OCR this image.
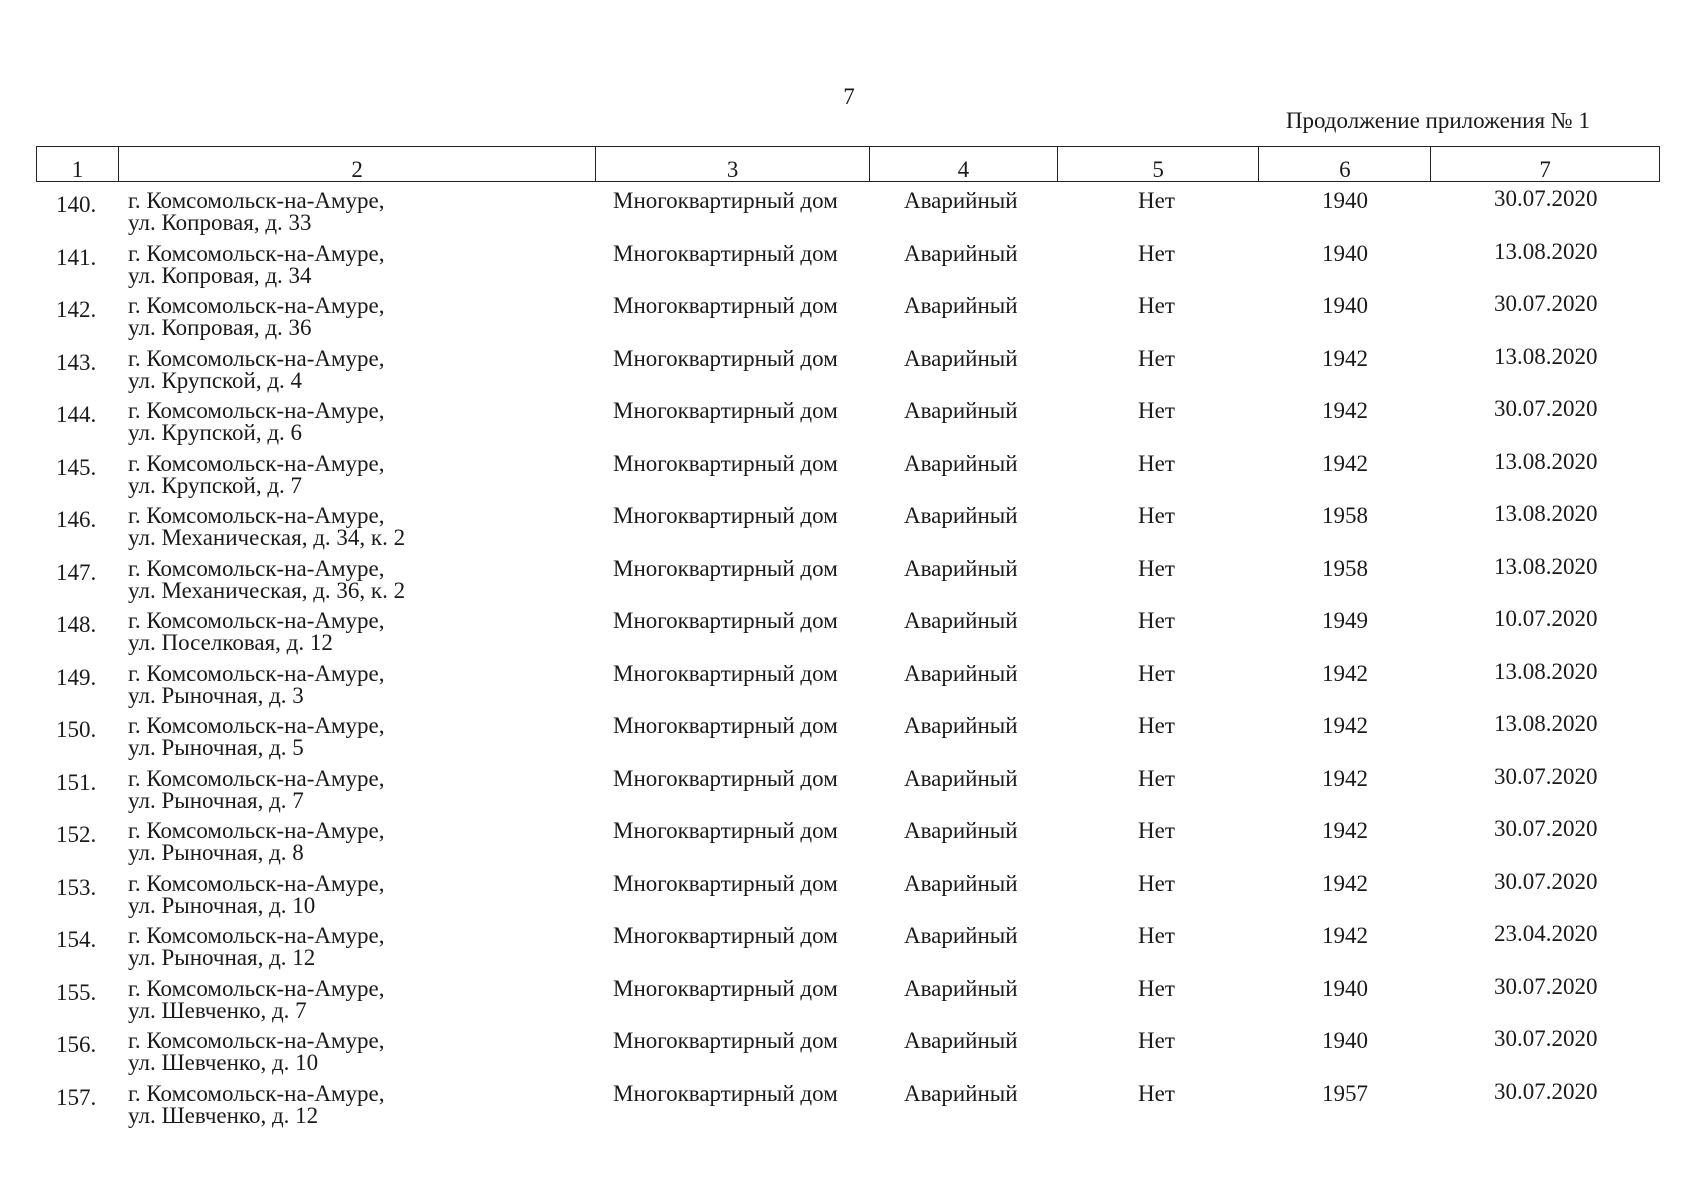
7
Продолжение приложения № 1
1	2	3	4	5	6	7
140. г. Комсомольск-на-Амуре,
ул. Копровая, д. 33
Многоквартирный дом	Аварийный	Нет	1940	30.07.2020
141. г. Комсомольск-на-Амуре,
ул. Копровая, д. 34
Многоквартирный дом	Аварийный	Нет	1940	13.08.2020
142. г. Комсомольск-на-Амуре,
ул. Копровая, д. 36
Многоквартирный дом	Аварийный	Нет	1940	30.07.2020
143. г. Комсомольск-на-Амуре,
ул. Крупской, д. 4
Многоквартирный дом	Аварийный	Нет	1942	13.08.2020
144. г. Комсомольск-на-Амуре,
ул. Крупской, д. 6
Многоквартирный дом	Аварийный	Нет	1942	30.07.2020
145. г. Комсомольск-на-Амуре,
ул. Крупской, д. 7
Многоквартирный дом	Аварийный	Нет	1942	13.08.2020
146. г. Комсомольск-на-Амуре,
ул. Механическая, д. 34, к. 2
Многоквартирный дом	Аварийный	Нет	1958	13.08.2020
147. г. Комсомольск-на-Амуре,
ул. Механическая, д. 36, к. 2
Многоквартирный дом	Аварийный	Нет	1958	13.08.2020
148. г. Комсомольск-на-Амуре,
ул. Поселковая, д. 12
Многоквартирный дом	Аварийный	Нет	1949	10.07.2020
149. г. Комсомольск-на-Амуре,
ул. Рыночная, д. 3
Многоквартирный дом	Аварийный	Нет	1942	13.08.2020
150. г. Комсомольск-на-Амуре,
ул. Рыночная, д. 5
Многоквартирный дом	Аварийный	Нет	1942	13.08.2020
151. г. Комсомольск-на-Амуре,
ул. Рыночная, д. 7
Многоквартирный дом	Аварийный	Нет	1942	30.07.2020
152. г. Комсомольск-на-Амуре,
ул. Рыночная, д. 8
Многоквартирный дом	Аварийный	Нет	1942	30.07.2020
153. г. Комсомольск-на-Амуре,
ул. Рыночная, д. 10
Многоквартирный дом	Аварийный	Нет	1942	30.07.2020
154. г. Комсомольск-на-Амуре,
ул. Рыночная, д. 12
Многоквартирный дом	Аварийный	Нет	1942	23.04.2020
155. г. Комсомольск-на-Амуре,
ул. Шевченко, д. 7
Многоквартирный дом	Аварийный	Нет	1940	30.07.2020
156. г. Комсомольск-на-Амуре,
ул. Шевченко, д. 10
Многоквартирный дом	Аварийный	Нет	1940	30.07.2020
157. г. Комсомольск-на-Амуре,
ул. Шевченко, д. 12
Многоквартирный дом	Аварийный	Нет	1957	30.07.2020
